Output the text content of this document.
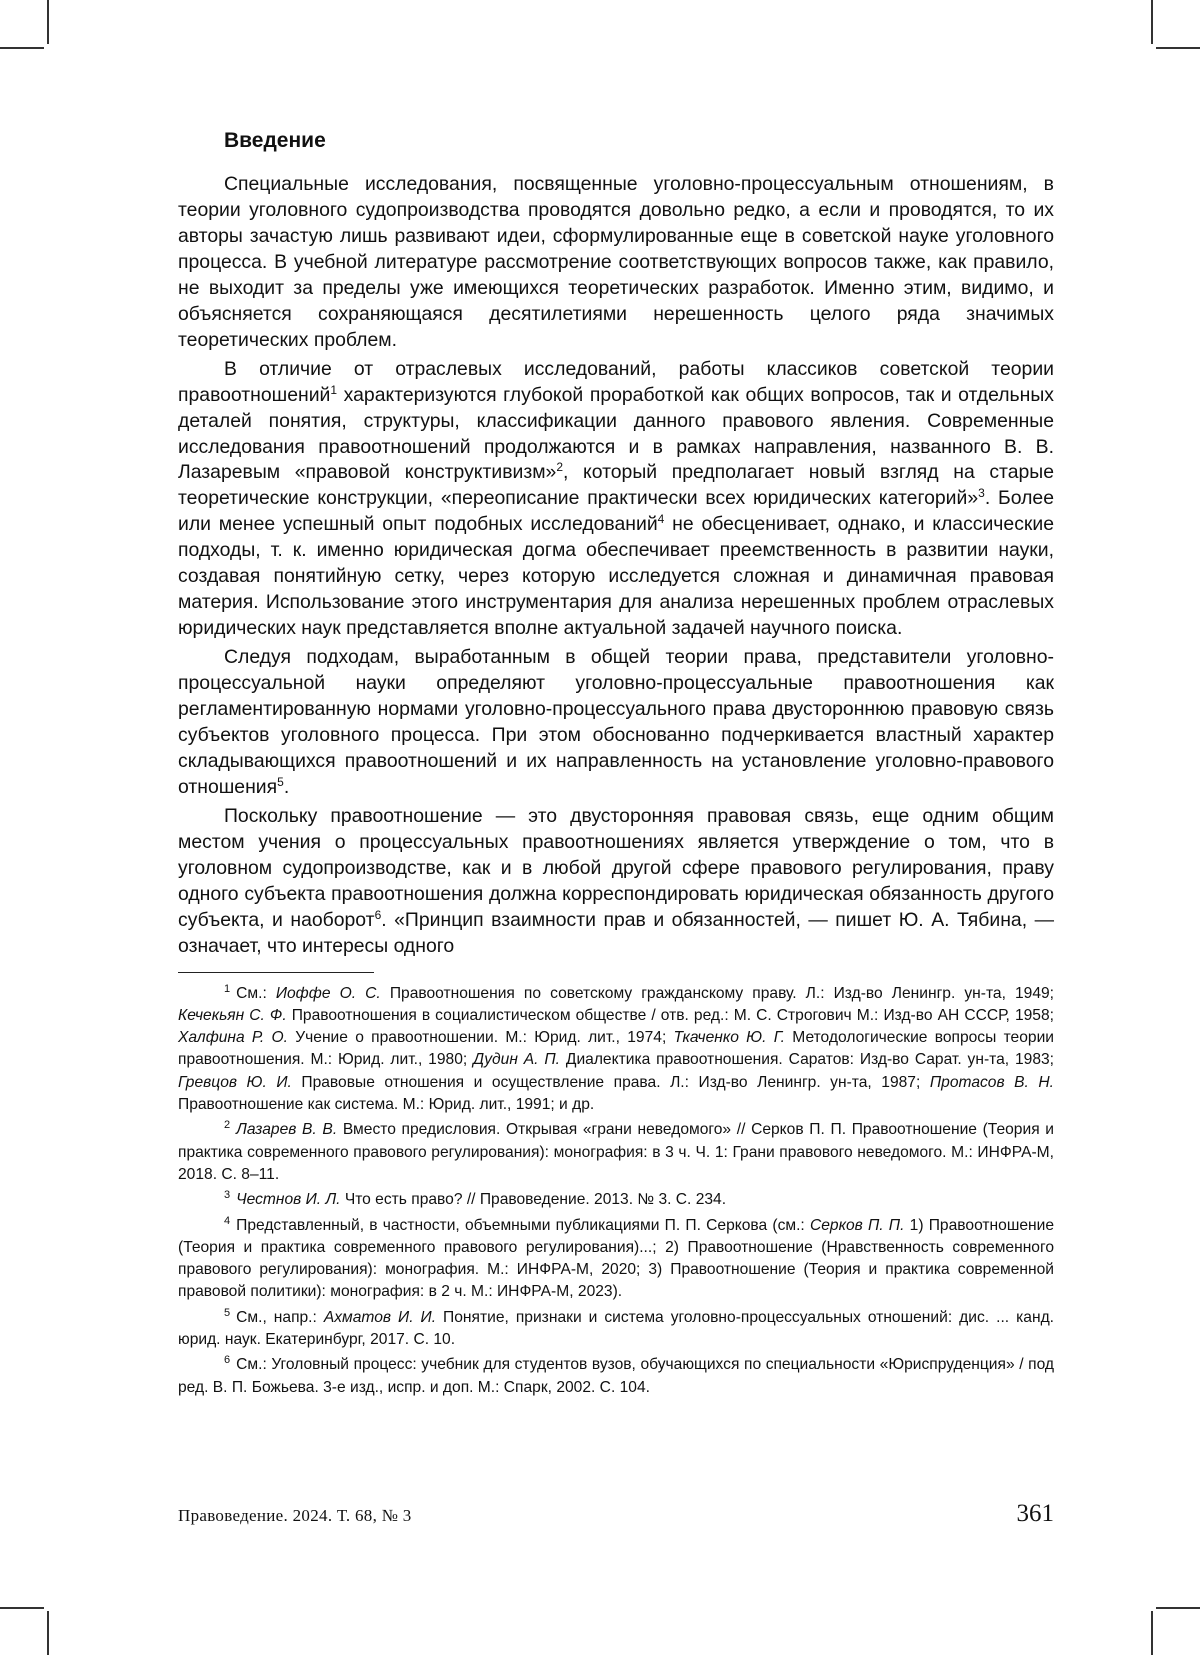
Введение

Специальные исследования, посвященные уголовно-процессуальным отношениям, в теории уголовного судопроизводства проводятся довольно редко, а если и проводятся, то их авторы зачастую лишь развивают идеи, сформулированные еще в советской науке уголовного процесса. В учебной литературе рассмотрение соответствующих вопросов также, как правило, не выходит за пределы уже имеющихся теоретических разработок. Именно этим, видимо, и объясняется сохраняющаяся десятилетиями нерешенность целого ряда значимых теоретических проблем.

В отличие от отраслевых исследований, работы классиков советской теории правоотношений1 характеризуются глубокой проработкой как общих вопросов, так и отдельных деталей понятия, структуры, классификации данного правового явления. Современные исследования правоотношений продолжаются и в рамках направления, названного В. В. Лазаревым «правовой конструктивизм»2, который предполагает новый взгляд на старые теоретические конструкции, «переописание практически всех юридических категорий»3. Более или менее успешный опыт подобных исследований4 не обесценивает, однако, и классические подходы, т. к. именно юридическая догма обеспечивает преемственность в развитии науки, создавая понятийную сетку, через которую исследуется сложная и динамичная правовая материя. Использование этого инструментария для анализа нерешенных проблем отраслевых юридических наук представляется вполне актуальной задачей научного поиска.

Следуя подходам, выработанным в общей теории права, представители уголовно-процессуальной науки определяют уголовно-процессуальные правоотношения как регламентированную нормами уголовно-процессуального права двустороннюю правовую связь субъектов уголовного процесса. При этом обоснованно подчеркивается властный характер складывающихся правоотношений и их направленность на установление уголовно-правового отношения5.

Поскольку правоотношение — это двусторонняя правовая связь, еще одним общим местом учения о процессуальных правоотношениях является утверждение о том, что в уголовном судопроизводстве, как и в любой другой сфере правового регулирования, праву одного субъекта правоотношения должна корреспондировать юридическая обязанность другого субъекта, и наоборот6. «Принцип взаимности прав и обязанностей, — пишет Ю. А. Тябина, — означает, что интересы одного

1 См.: Иоффе О. С. Правоотношения по советскому гражданскому праву. Л.: Изд-во Ленингр. ун-та, 1949; Кечекьян С. Ф. Правоотношения в социалистическом обществе / отв. ред.: М. С. Строгович М.: Изд-во АН СССР, 1958; Халфина Р. О. Учение о правоотношении. М.: Юрид. лит., 1974; Ткаченко Ю. Г. Методологические вопросы теории правоотношения. М.: Юрид. лит., 1980; Дудин А. П. Диалектика правоотношения. Саратов: Изд-во Сарат. ун-та, 1983; Гревцов Ю. И. Правовые отношения и осуществление права. Л.: Изд-во Ленингр. ун-та, 1987; Протасов В. Н. Правоотношение как система. М.: Юрид. лит., 1991; и др.

2 Лазарев В. В. Вместо предисловия. Открывая «грани неведомого» // Серков П. П. Правоотношение (Теория и практика современного правового регулирования): монография: в 3 ч. Ч. 1: Грани правового неведомого. М.: ИНФРА-М, 2018. С. 8–11.

3 Честнов И. Л. Что есть право? // Правоведение. 2013. № 3. С. 234.

4 Представленный, в частности, объемными публикациями П. П. Серкова (см.: Серков П. П. 1) Правоотношение (Теория и практика современного правового регулирования)...; 2) Правоотношение (Нравственность современного правового регулирования): монография. М.: ИНФРА-М, 2020; 3) Правоотношение (Теория и практика современной правовой политики): монография: в 2 ч. М.: ИНФРА-М, 2023).

5 См., напр.: Ахматов И. И. Понятие, признаки и система уголовно-процессуальных отношений: дис. ... канд. юрид. наук. Екатеринбург, 2017. С. 10.

6 См.: Уголовный процесс: учебник для студентов вузов, обучающихся по специальности «Юриспруденция» / под ред. В. П. Божьева. 3-е изд., испр. и доп. М.: Спарк, 2002. С. 104.

Правоведение. 2024. Т. 68, № 3	361
